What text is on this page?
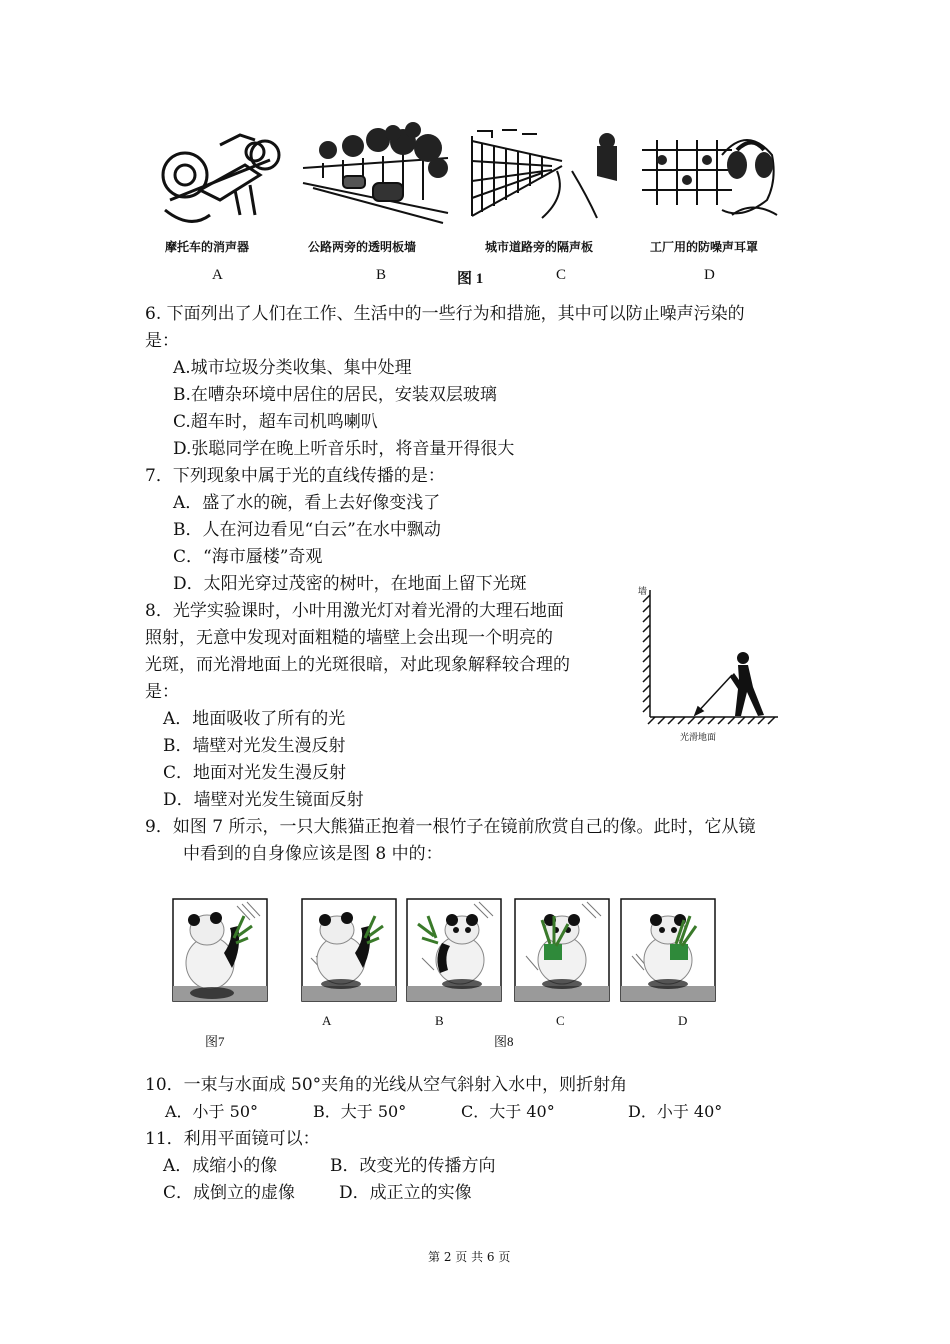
摩托车的消声器	公路两旁的透明板墙	城市道路旁的隔声板	工厂用的防噪声耳罩
A	B	图 1	C	D
6. 下面列出了人们在工作、生活中的一些行为和措施，其中可以防止噪声污染的
是：
A.城市垃圾分类收集、集中处理
B.在嘈杂环境中居住的居民，安装双层玻璃
C.超车时，超车司机鸣喇叭
D.张聪同学在晚上听音乐时，将音量开得很大
7．下列现象中属于光的直线传播的是：
A．盛了水的碗，看上去好像变浅了
B．人在河边看见“白云”在水中飘动
C．“海市蜃楼”奇观
D．太阳光穿过茂密的树叶，在地面上留下光斑
8．光学实验课时，小叶用激光灯对着光滑的大理石地面
照射，无意中发现对面粗糙的墙壁上会出现一个明亮的
光斑，而光滑地面上的光斑很暗，对此现象解释较合理的
是：
A．地面吸收了所有的光
B．墙壁对光发生漫反射
C．地面对光发生漫反射
D．墙壁对光发生镜面反射
墙
光滑地面
9．如图 7 所示，一只大熊猫正抱着一根竹子在镜前欣赏自己的像。此时，它从镜
中看到的自身像应该是图 8 中的：
A	B	C	D
图7	图8
10．一束与水面成 50°夹角的光线从空气斜射入水中，则折射角
A．小于 50°	B．大于 50°	C．大于 40°	D．小于 40°
11．利用平面镜可以：
A．成缩小的像	B．改变光的传播方向
C．成倒立的虚像	D．成正立的实像
第 2 页 共 6 页
